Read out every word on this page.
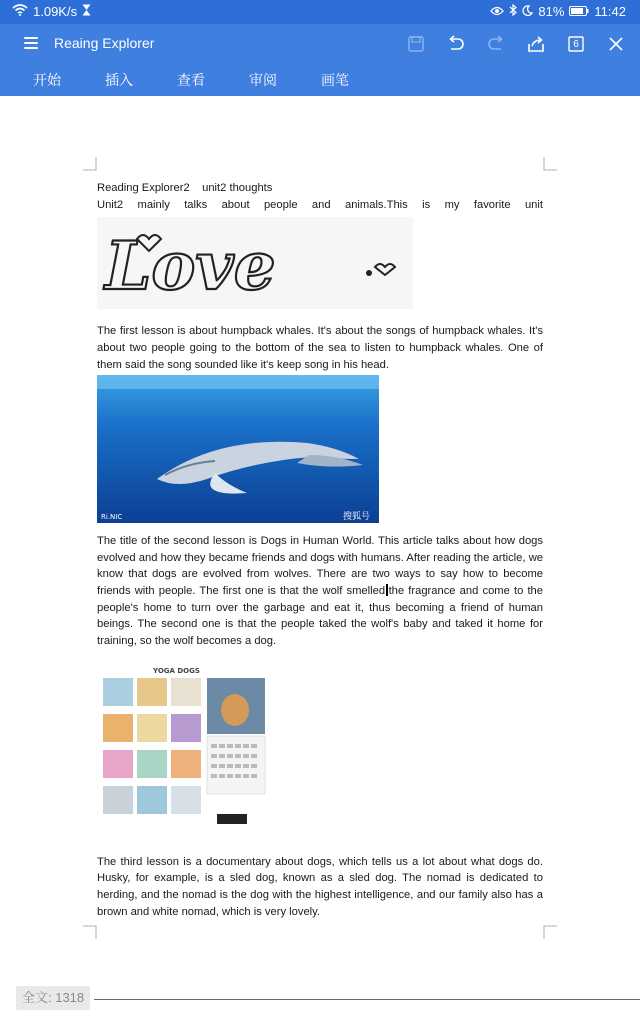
1.09K/s	81% 11:42
Reaing Explorer	6
开始	插入	查看	审阅	画笔

Reading Explorer2    unit2 thoughts

Unit2 mainly talks about people and animals.This is my favorite unit

Love

The first lesson is about humpback whales. It's about the songs of humpback whales. It's about two people going to the bottom of the sea to listen to humpback whales. One of them said the song sounded like it's keep song in his head.

Ri.NIC	搜狐号

The title of the second lesson is Dogs in Human World. This article talks about how dogs evolved and how they became friends and dogs with humans. After reading the article, we know that dogs are evolved from wolves. There are two ways to say how to become friends with people. The first one is that the wolf smelled the fragrance and come to the people's home to turn over the garbage and eat it, thus becoming a friend of human beings. The second one is that the people taked the wolf's baby and taked it home for training, so the wolf becomes a dog.

YOGA DOGS

The third lesson is a documentary about dogs, which tells us a lot about what dogs do. Husky, for example, is a sled dog, known as a sled dog. The nomad is dedicated to herding, and the nomad is the dog with the highest intelligence, and our family also has a brown and white nomad, which is very lovely.

全文: 1318
